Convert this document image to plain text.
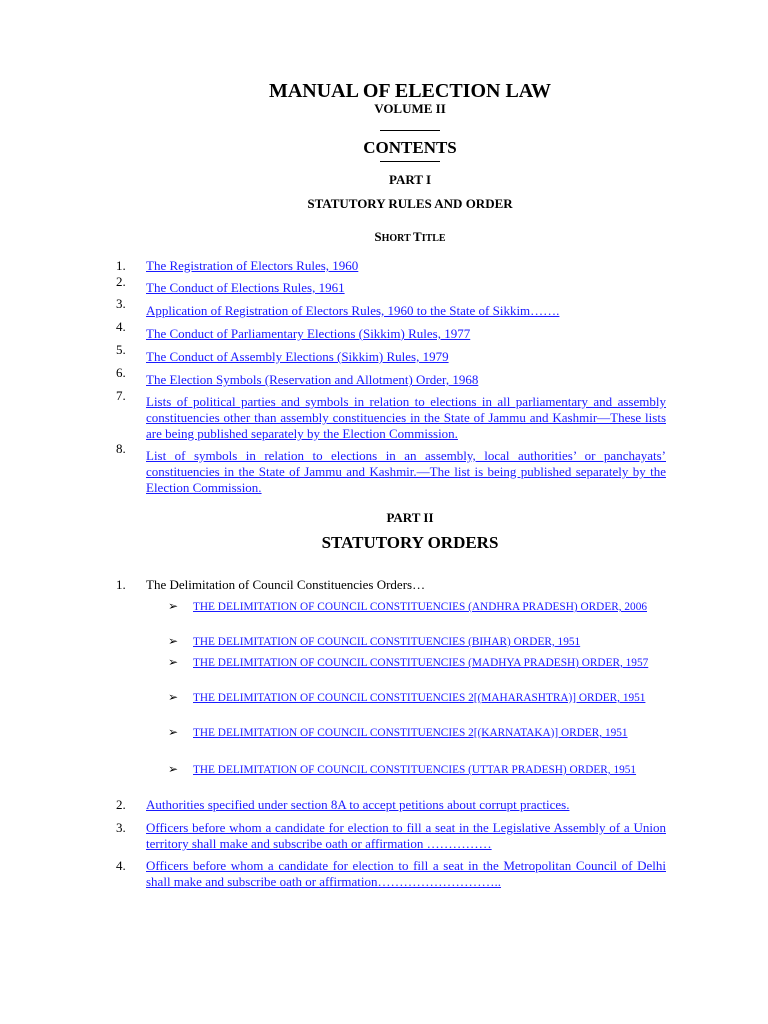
MANUAL OF ELECTION LAW
VOLUME II
CONTENTS
PART I
STATUTORY RULES AND ORDER
SHORT TITLE
1. The Registration of Electors Rules, 1960
2. The Conduct of Elections Rules, 1961
3. Application of Registration of Electors Rules, 1960 to the State of Sikkim…….
4. The Conduct of Parliamentary Elections (Sikkim) Rules, 1977
5. The Conduct of Assembly Elections (Sikkim) Rules, 1979
6. The Election Symbols (Reservation and Allotment) Order, 1968
7. Lists of political parties and symbols in relation to elections in all parliamentary and assembly constituencies other than assembly constituencies in the State of Jammu and Kashmir—These lists are being published separately by the Election Commission.
8. List of symbols in relation to elections in an assembly, local authorities’ or panchayats’ constituencies in the State of Jammu and Kashmir.—The list is being published separately by the Election Commission.
PART II
STATUTORY ORDERS
1. The Delimitation of Council Constituencies Orders…
➢ THE DELIMITATION OF COUNCIL CONSTITUENCIES (ANDHRA PRADESH) ORDER, 2006
➢ THE DELIMITATION OF COUNCIL CONSTITUENCIES (BIHAR) ORDER, 1951
➢ THE DELIMITATION OF COUNCIL CONSTITUENCIES (MADHYA PRADESH) ORDER, 1957
➢ THE DELIMITATION OF COUNCIL CONSTITUENCIES 2[(MAHARASHTRA)] ORDER, 1951
➢ THE DELIMITATION OF COUNCIL CONSTITUENCIES 2[(KARNATAKA)] ORDER, 1951
➢ THE DELIMITATION OF COUNCIL CONSTITUENCIES (UTTAR PRADESH) ORDER, 1951
2. Authorities specified under section 8A to accept petitions about corrupt practices.
3. Officers before whom a candidate for election to fill a seat in the Legislative Assembly of a Union territory shall make and subscribe oath or affirmation ……………
4. Officers before whom a candidate for election to fill a seat in the Metropolitan Council of Delhi shall make and subscribe oath or affirmation………………………..
